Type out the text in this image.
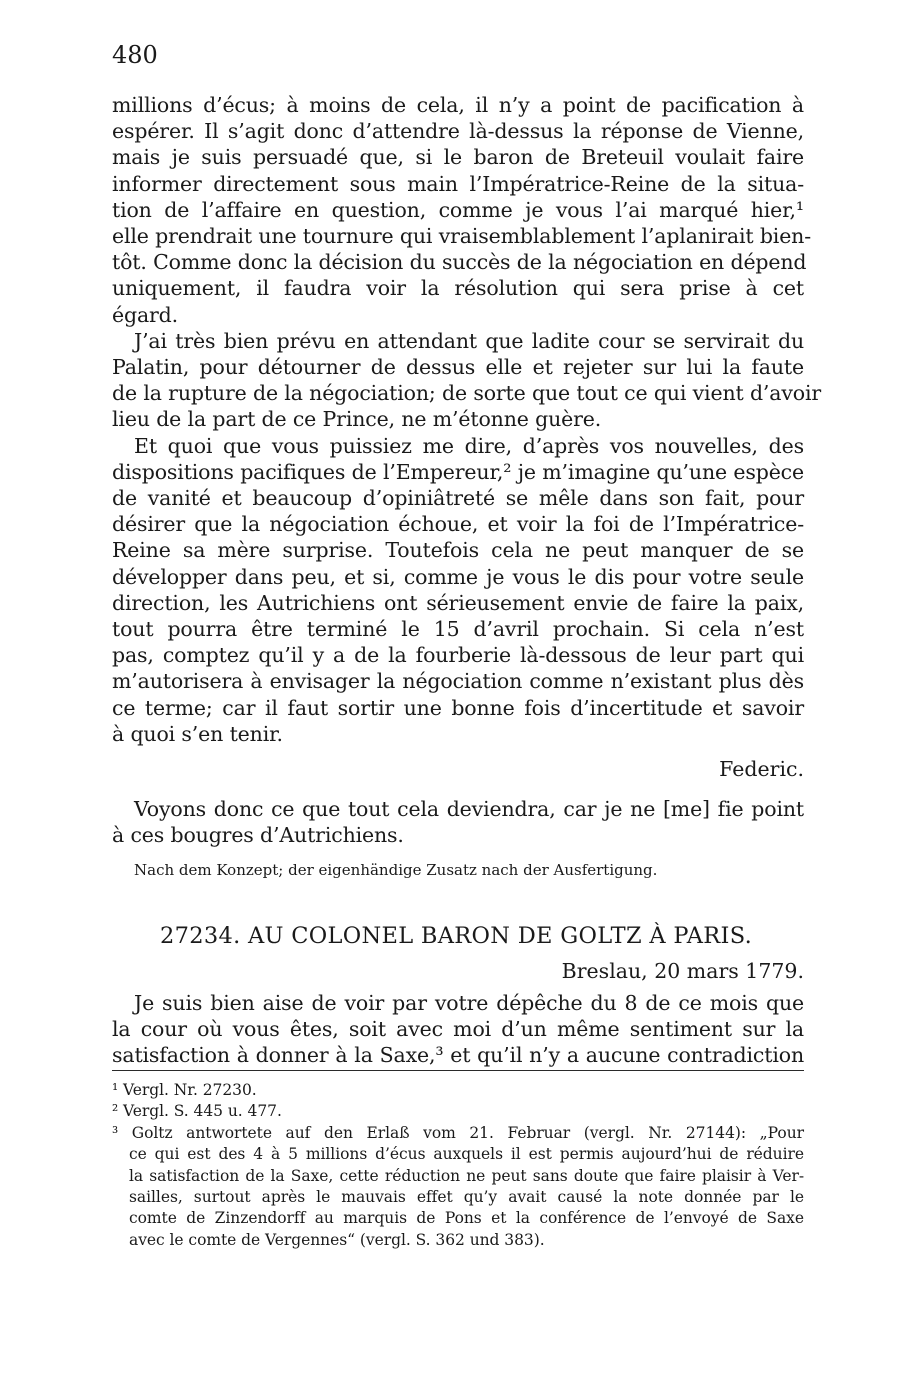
480
millions d’écus; à moins de cela, il n’y a point de pacification à
espérer. Il s’agit donc d’attendre là-dessus la réponse de Vienne,
mais je suis persuadé que, si le baron de Breteuil voulait faire
informer directement sous main l’Impératrice-Reine de la situa-
tion de l’affaire en question, comme je vous l’ai marqué hier,¹
elle prendrait une tournure qui vraisemblablement l’aplanirait bien-
tôt. Comme donc la décision du succès de la négociation en dépend
uniquement, il faudra voir la résolution qui sera prise à cet
égard.
J’ai très bien prévu en attendant que ladite cour se servirait du
Palatin, pour détourner de dessus elle et rejeter sur lui la faute
de la rupture de la négociation; de sorte que tout ce qui vient d’avoir
lieu de la part de ce Prince, ne m’étonne guère.
Et quoi que vous puissiez me dire, d’après vos nouvelles, des
dispositions pacifiques de l’Empereur,² je m’imagine qu’une espèce
de vanité et beaucoup d’opiniâtreté se mêle dans son fait, pour
désirer que la négociation échoue, et voir la foi de l’Impératrice-
Reine sa mère surprise. Toutefois cela ne peut manquer de se
développer dans peu, et si, comme je vous le dis pour votre seule
direction, les Autrichiens ont sérieusement envie de faire la paix,
tout pourra être terminé le 15 d’avril prochain. Si cela n’est
pas, comptez qu’il y a de la fourberie là-dessous de leur part qui
m’autorisera à envisager la négociation comme n’existant plus dès
ce terme; car il faut sortir une bonne fois d’incertitude et savoir
à quoi s’en tenir.
Federic.
Voyons donc ce que tout cela deviendra, car je ne [me] fie point
à ces bougres d’Autrichiens.
Nach dem Konzept; der eigenhändige Zusatz nach der Ausfertigung.
27234. AU COLONEL BARON DE GOLTZ À PARIS.
Breslau, 20 mars 1779.
Je suis bien aise de voir par votre dépêche du 8 de ce mois que
la cour où vous êtes, soit avec moi d’un même sentiment sur la
satisfaction à donner à la Saxe,³ et qu’il n’y a aucune contradiction
¹ Vergl. Nr. 27230.
² Vergl. S. 445 u. 477.
³ Goltz antwortete auf den Erlaß vom 21. Februar (vergl. Nr. 27144): „Pour
ce qui est des 4 à 5 millions d’écus auxquels il est permis aujourd’hui de réduire
la satisfaction de la Saxe, cette réduction ne peut sans doute que faire plaisir à Ver-
sailles, surtout après le mauvais effet qu’y avait causé la note donnée par le
comte de Zinzendorff au marquis de Pons et la conférence de l’envoyé de Saxe
avec le comte de Vergennes“ (vergl. S. 362 und 383).
